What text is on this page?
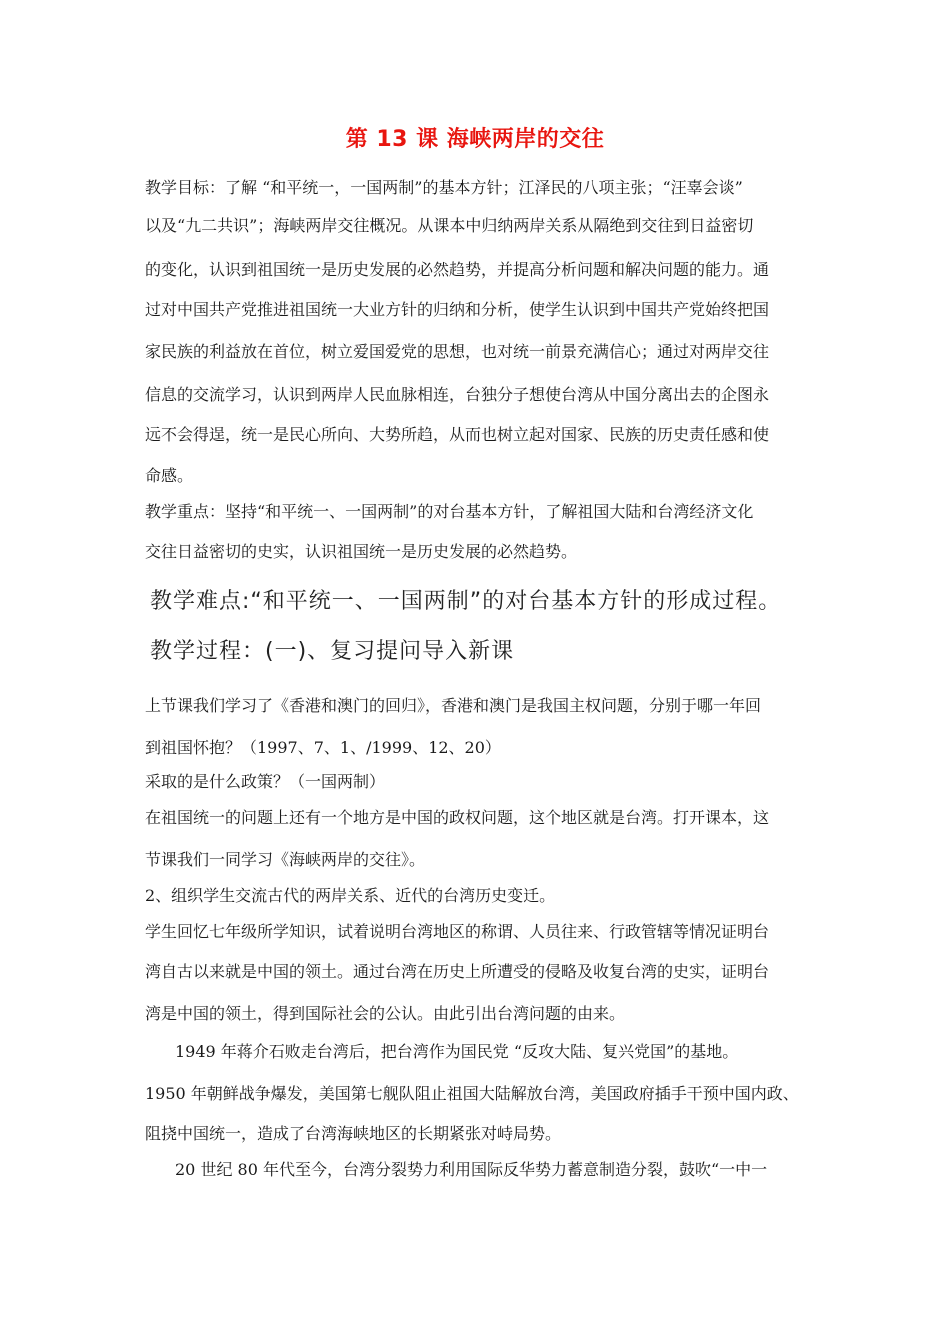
第 13 课 海峡两岸的交往
教学目标：了解 “和平统一，一国两制”的基本方针；江泽民的八项主张；“汪辜会谈”
以及“九二共识”；海峡两岸交往概况。从课本中归纳两岸关系从隔绝到交往到日益密切
的变化，认识到祖国统一是历史发展的必然趋势，并提高分析问题和解决问题的能力。通
过对中国共产党推进祖国统一大业方针的归纳和分析，使学生认识到中国共产党始终把国
家民族的利益放在首位，树立爱国爱党的思想，也对统一前景充满信心；通过对两岸交往
信息的交流学习，认识到两岸人民血脉相连，台独分子想使台湾从中国分离出去的企图永
远不会得逞，统一是民心所向、大势所趋，从而也树立起对国家、民族的历史责任感和使
命感。
教学重点：坚持“和平统一、一国两制”的对台基本方针，了解祖国大陆和台湾经济文化
交往日益密切的史实，认识祖国统一是历史发展的必然趋势。
教学难点:“和平统一、一国两制”的对台基本方针的形成过程。
教学过程：(一)、复习提问导入新课
上节课我们学习了《香港和澳门的回归》，香港和澳门是我国主权问题，分别于哪一年回
到祖国怀抱？（1997、7、1、/1999、12、20）
采取的是什么政策？（一国两制）
在祖国统一的问题上还有一个地方是中国的政权问题，这个地区就是台湾。打开课本，这
节课我们一同学习《海峡两岸的交往》。
2、组织学生交流古代的两岸关系、近代的台湾历史变迁。
学生回忆七年级所学知识，试着说明台湾地区的称谓、人员往来、行政管辖等情况证明台
湾自古以来就是中国的领土。通过台湾在历史上所遭受的侵略及收复台湾的史实，证明台
湾是中国的领土，得到国际社会的公认。由此引出台湾问题的由来。
1949 年蒋介石败走台湾后，把台湾作为国民党 “反攻大陆、复兴党国”的基地。
1950 年朝鲜战争爆发，美国第七舰队阻止祖国大陆解放台湾，美国政府插手干预中国内政、
阻挠中国统一，造成了台湾海峡地区的长期紧张对峙局势。
20 世纪 80 年代至今，台湾分裂势力利用国际反华势力蓄意制造分裂，鼓吹“一中一
